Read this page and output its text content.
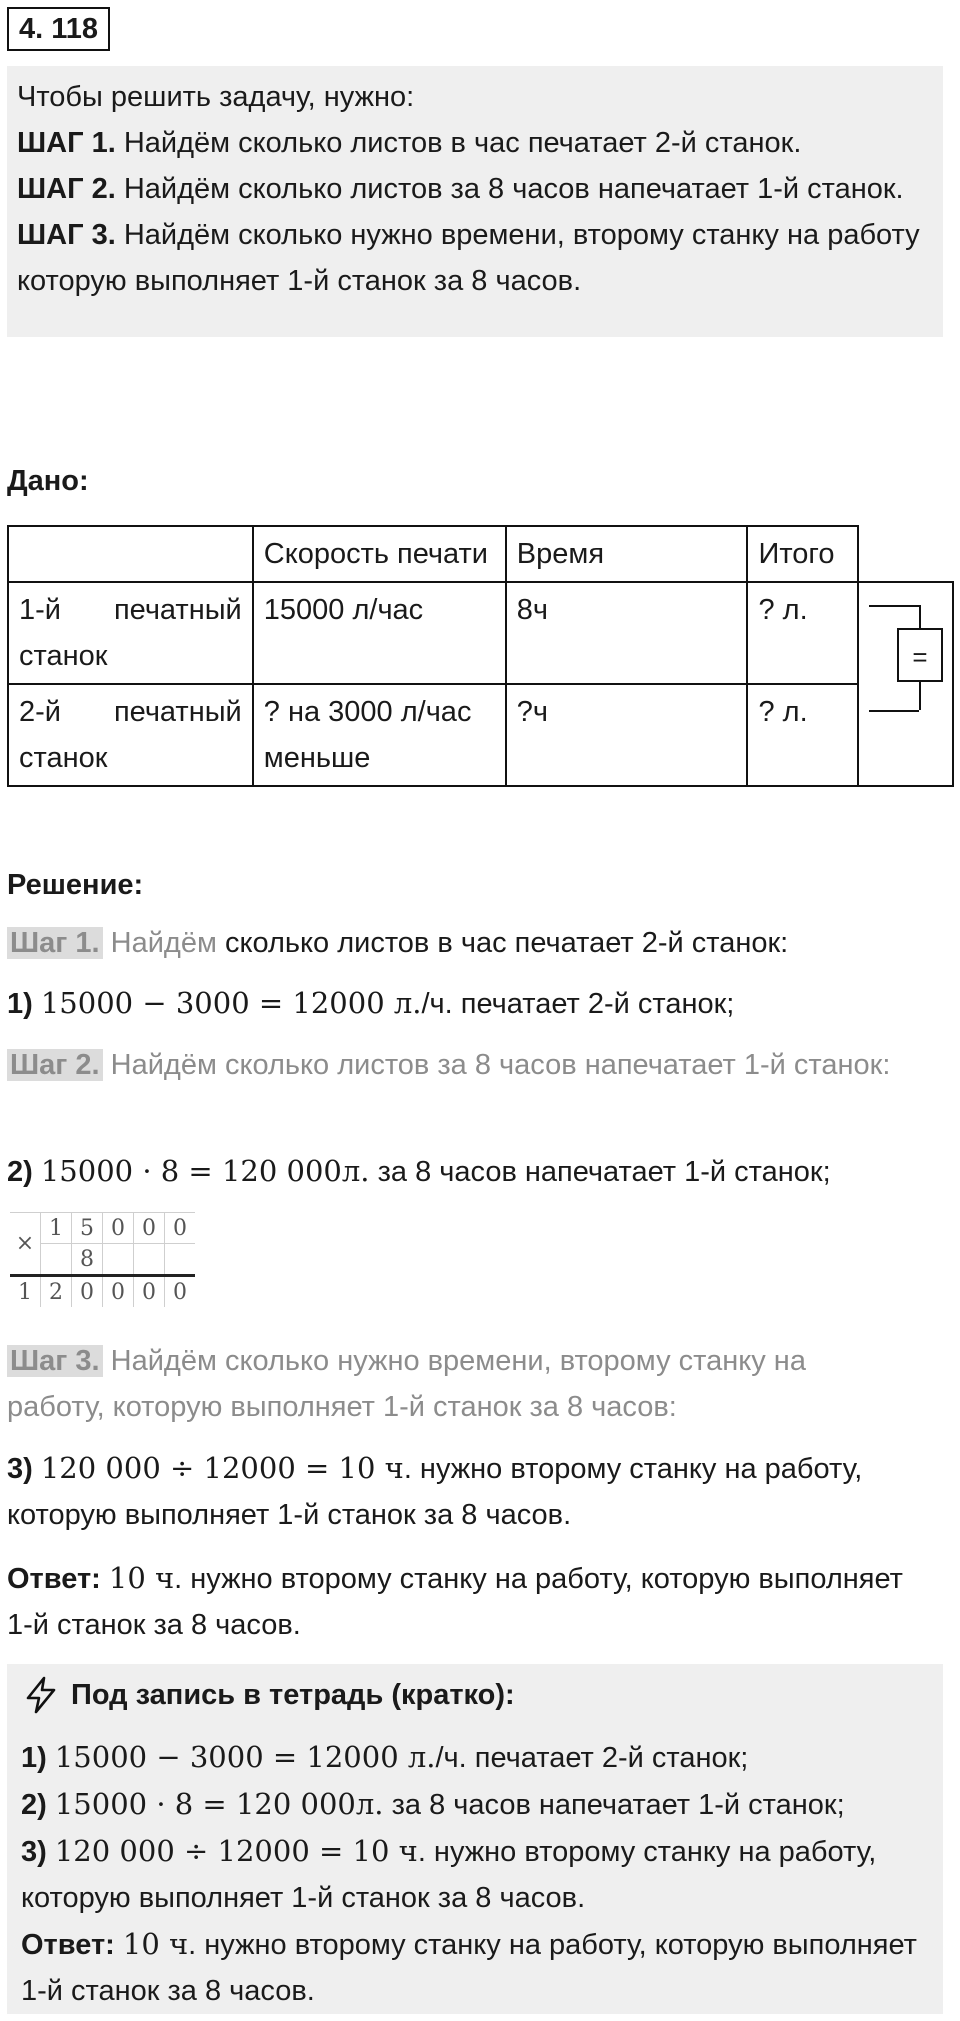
4. 118
Чтобы решить задачу, нужно:
ШАГ 1. Найдём сколько листов в час печатает 2-й станок.
ШАГ 2. Найдём сколько листов за 8 часов напечатает 1-й станок.
ШАГ 3. Найдём сколько нужно времени, второму станку на работу которую выполняет 1-й станок за 8 часов.
Дано:
	Скорость печати	Время	Итого	
1-й печатный станок	15000 л/час	8ч	? л.	=

2-й печатный станок	? на 3000 л/час меньше	?ч	? л.	
Решение:
Шаг 1. Найдём сколько листов в час печатает 2-й станок:
1) 15000 − 3000 = 12000 л./ч. печатает 2-й станок;
Шаг 2. Найдём сколько листов за 8 часов напечатает 1-й станок:
2) 15000 · 8 = 120 000л. за 8 часов напечатает 1-й станок;
×	1	5	0	0	0
		8			
1	2	0	0	0	0
Шаг 3. Найдём сколько нужно времени, второму станку на работу, которую выполняет 1-й станок за 8 часов:
3) 120 000 ÷ 12000 = 10 ч. нужно второму станку на работу, которую выполняет 1-й станок за 8 часов.
Ответ: 10 ч. нужно второму станку на работу, которую выполняет 1-й станок за 8 часов.
Под запись в тетрадь (кратко):
1) 15000 − 3000 = 12000 л./ч. печатает 2-й станок;
2) 15000 · 8 = 120 000л. за 8 часов напечатает 1-й станок;
3) 120 000 ÷ 12000 = 10 ч. нужно второму станку на работу, которую выполняет 1-й станок за 8 часов.
Ответ: 10 ч. нужно второму станку на работу, которую выполняет 1-й станок за 8 часов.
